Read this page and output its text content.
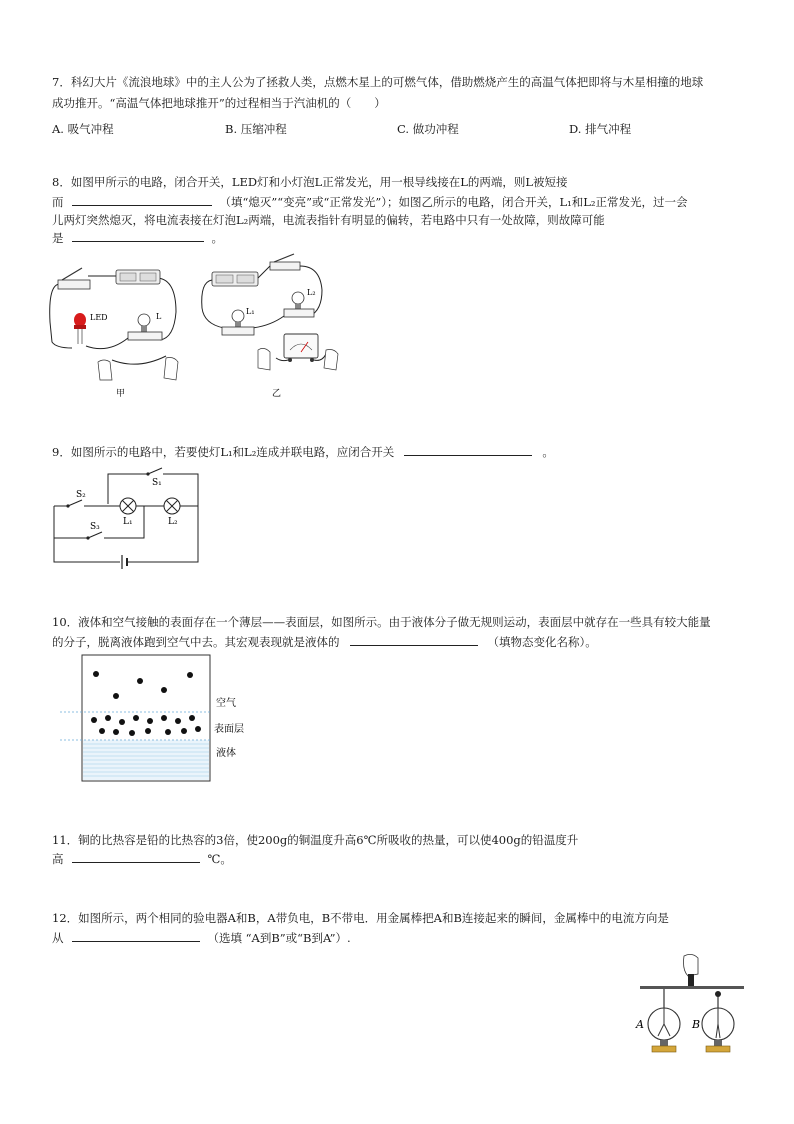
7．科幻大片《流浪地球》中的主人公为了拯救人类，点燃木星上的可燃气体，借助燃烧产生的高温气体把即将与木星相撞的地球
成功推开。“高温气体把地球推开”的过程相当于汽油机的（　　）
A. 吸气冲程	B. 压缩冲程	C. 做功冲程	D. 排气冲程
8．如图甲所示的电路，闭合开关，LED灯和小灯泡L正常发光，用一根导线接在L的两端，则L被短接
而	（填“熄灭”“变亮”或“正常发光”）；如图乙所示的电路，闭合开关，L₁和L₂正常发光，过一会
儿两灯突然熄灭，将电流表接在灯泡L₂两端，电流表指针有明显的偏转，若电路中只有一处故障，则故障可能
是	。
LED	L
甲
L₂
L₁
乙
9．如图所示的电路中，若要使灯L₁和L₂连成并联电路，应闭合开关	。
S₁
S₂
L₁	L₂
S₃
10．液体和空气接触的表面存在一个薄层——表面层，如图所示。由于液体分子做无规则运动，表面层中就存在一些具有较大能量
的分子，脱离液体跑到空气中去。其宏观表现就是液体的	（填物态变化名称）。
空气
表面层
液体
11．铜的比热容是铅的比热容的3倍，使200g的铜温度升高6℃所吸收的热量，可以使400g的铅温度升
高	℃。
12．如图所示，两个相同的验电器A和B，A带负电，B不带电．用金属棒把A和B连接起来的瞬间，金属棒中的电流方向是
从	（选填 “A到B”或“B到A”）.
A	B
